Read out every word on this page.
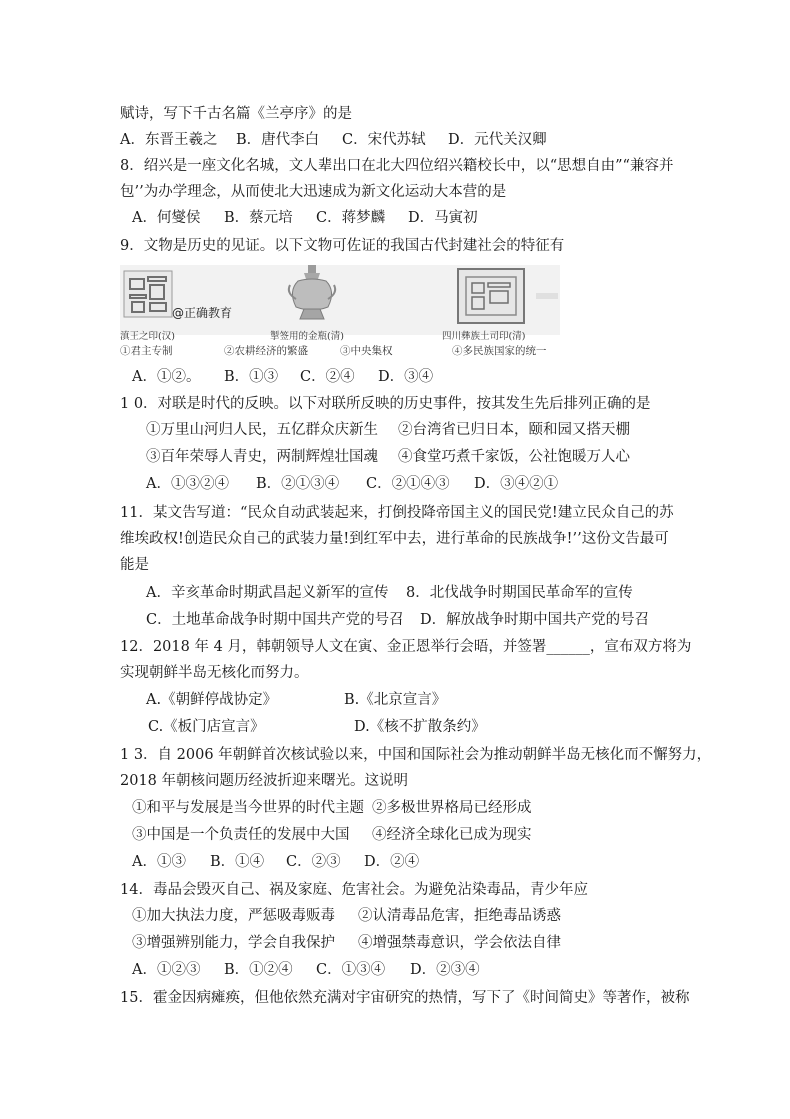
赋诗，写下千古名篇《兰亭序》的是
A．东晋王羲之 B．唐代李白 C．宋代苏轼 D．元代关汉卿
8．绍兴是一座文化名城，文人辈出口在北大四位绍兴籍校长中，以“思想自由”“兼容并
包’’为办学理念，从而使北大迅速成为新文化运动大本营的是
A．何燮侯 B．蔡元培 C．蒋梦麟 D．马寅初
9．文物是历史的见证。以下文物可佐证的我国古代封建社会的特征有
@正确教育
滇王之印(汉)	掣签用的金瓶(清)	四川彝族土司印(清)
①君主专制	②农耕经济的繁盛	③中央集权	④多民族国家的统一
A．①②。 B．①③ C．②④ D．③④
1 0．对联是时代的反映。以下对联所反映的历史事件，按其发生先后排列正确的是
①万里山河归人民，五亿群众庆新生 ②台湾省已归日本，颐和园又搭天棚
③百年荣辱人青史，两制辉煌壮国魂 ④食堂巧煮千家饭，公社饱暖万人心
A．①③②④ B．②①③④ C．②①④③ D．③④②①
11．某文告写道：“民众自动武装起来，打倒投降帝国主义的国民党!建立民众自己的苏
维埃政权!创造民众自己的武装力量!到红军中去，进行革命的民族战争!’’这份文告最可
能是
A．辛亥革命时期武昌起义新军的宣传 8．北伐战争时期国民革命军的宣传
C．土地革命战争时期中国共产党的号召 D．解放战争时期中国共产党的号召
12．2018 年 4 月，韩朝领导人文在寅、金正恩举行会晤，并签署______，宣布双方将为
实现朝鲜半岛无核化而努力。
A.《朝鲜停战协定》	B.《北京宣言》
C.《板门店宣言》	D.《核不扩散条约》
1 3．自 2006 年朝鲜首次核试验以来，中国和国际社会为推动朝鲜半岛无核化而不懈努力，
2018 年朝核问题历经波折迎来曙光。这说明
①和平与发展是当今世界的时代主题 ②多极世界格局已经形成
③中国是一个负责任的发展中大国 ④经济全球化已成为现实
A．①③ B．①④ C．②③ D．②④
14．毒品会毁灭自己、祸及家庭、危害社会。为避免沾染毒品，青少年应
①加大执法力度，严惩吸毒贩毒 ②认清毒品危害，拒绝毒品诱惑
③增强辨别能力，学会自我保护 ④增强禁毒意识，学会依法自律
A．①②③ B．①②④ C．①③④ D．②③④
15．霍金因病瘫痪，但他依然充满对宇宙研究的热情，写下了《时间简史》等著作，被称
